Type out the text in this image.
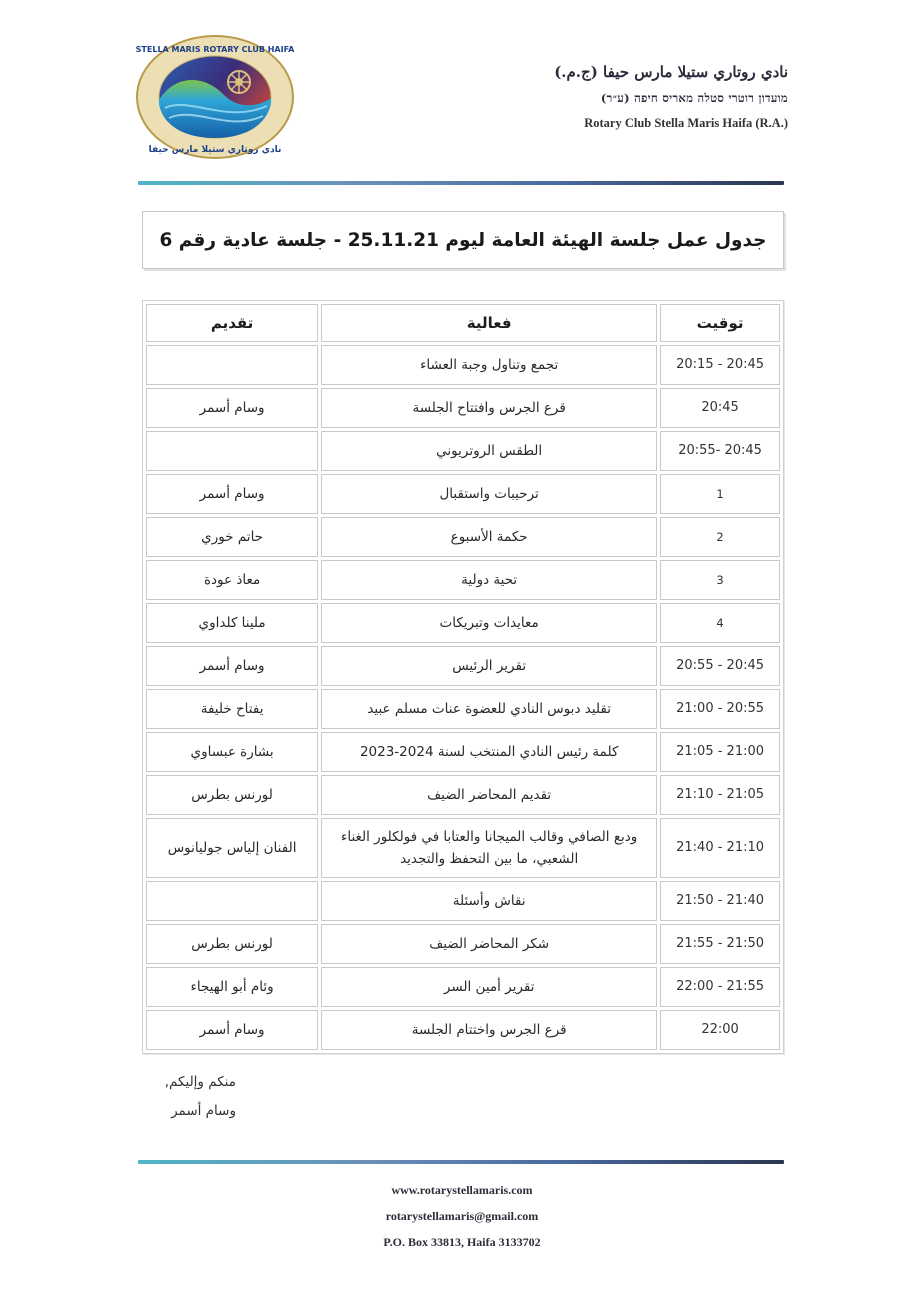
STELLA MARIS ROTARY CLUB HAIFA
نادي روتاري ستيلا مارس حيفا
نادي روتاري ستيلا مارس حيفا (ج.م.)
מועדון רוטרי סטלה מאריס חיפה (ע״ר)
Rotary Club Stella Maris Haifa (R.A.)
جدول عمل جلسة الهيئة العامة ليوم 25.11.21 - جلسة عادية رقم 6
توقيت	فعالية	تقديم
20:15 - 20:45	تجمع وتناول وجبة العشاء	
20:45	قرع الجرس وافتتاح الجلسة	وسام أسمر
20:55- 20:45	الطقس الروتريوني	
1	ترحيبات واستقبال	وسام أسمر
2	حكمة الأسبوع	حاتم خوري
3	تحية دولية	معاذ عودة
4	معايدات وتبريكات	ملينا كلداوي
20:55 - 20:45	تقرير الرئيس	وسام أسمر
21:00 - 20:55	تقليد دبوس النادي للعضوة عنات مسلم عبيد	يفتاح خليفة
21:05 - 21:00	كلمة رئيس النادي المنتخب لسنة 2024-2023	بشارة عبساوي
21:10 - 21:05	تقديم المحاضر الضيف	لورنس بطرس
21:40 - 21:10	ودبع الصافي وقالب الميجانا والعتابا في فولكلور الغناء الشعبي، ما بين التحفظ والتجديد	الفنان إلياس جوليانوس
21:50 - 21:40	نقاش وأسئلة	
21:55 - 21:50	شكر المحاضر الضيف	لورنس بطرس
22:00 - 21:55	تقرير أمين السر	وئام أبو الهيجاء
22:00	قرع الجرس واختتام الجلسة	وسام أسمر
منكم وإليكم,
وسام أسمر
www.rotarystellamaris.com
rotarystellamaris@gmail.com
P.O. Box 33813, Haifa 3133702
